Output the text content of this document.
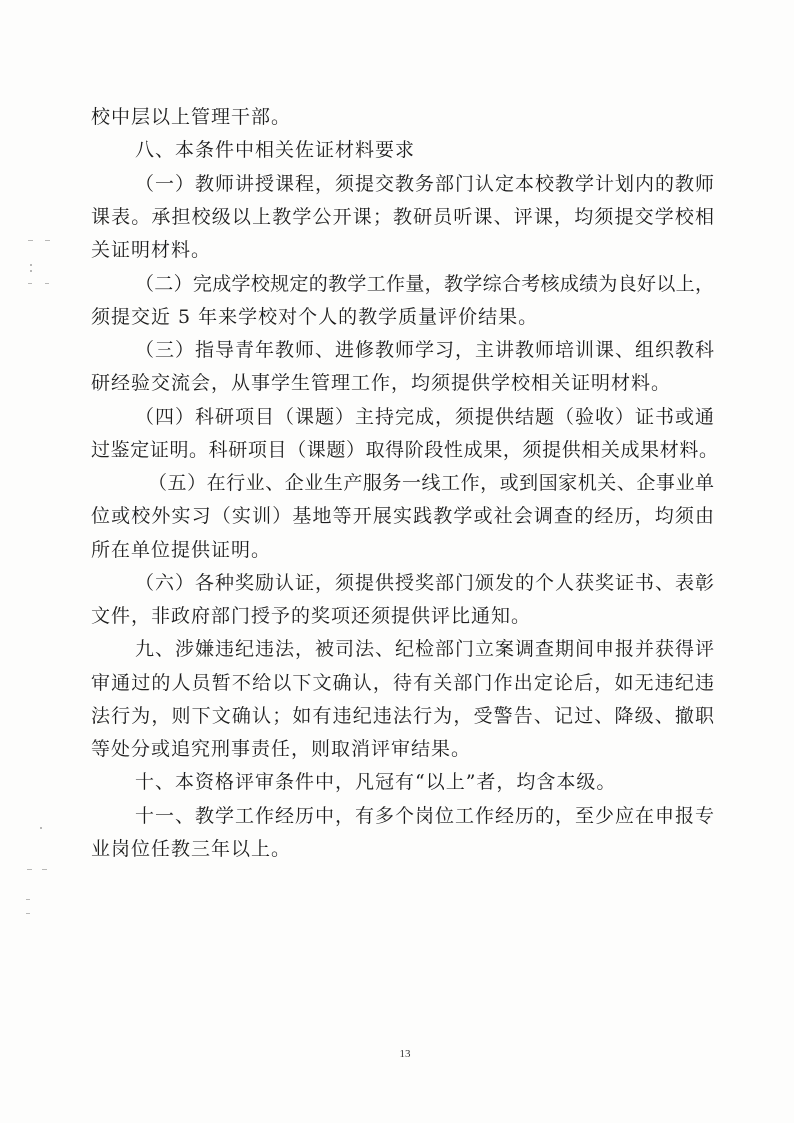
校中层以上管理干部。
八、本条件中相关佐证材料要求
（一）教师讲授课程，须提交教务部门认定本校教学计划内的教师
课表。承担校级以上教学公开课；教研员听课、评课，均须提交学校相
关证明材料。
（二）完成学校规定的教学工作量，教学综合考核成绩为良好以上，
须提交近 5 年来学校对个人的教学质量评价结果。
（三）指导青年教师、进修教师学习，主讲教师培训课、组织教科
研经验交流会，从事学生管理工作，均须提供学校相关证明材料。
（四）科研项目（课题）主持完成，须提供结题（验收）证书或通
过鉴定证明。科研项目（课题）取得阶段性成果，须提供相关成果材料。
（五）在行业、企业生产服务一线工作，或到国家机关、企事业单
位或校外实习（实训）基地等开展实践教学或社会调查的经历，均须由
所在单位提供证明。
（六）各种奖励认证，须提供授奖部门颁发的个人获奖证书、表彰
文件，非政府部门授予的奖项还须提供评比通知。
九、涉嫌违纪违法，被司法、纪检部门立案调查期间申报并获得评
审通过的人员暂不给以下文确认，待有关部门作出定论后，如无违纪违
法行为，则下文确认；如有违纪违法行为，受警告、记过、降级、撤职
等处分或追究刑事责任，则取消评审结果。
十、本资格评审条件中，凡冠有“以上”者，均含本级。
十一、教学工作经历中，有多个岗位工作经历的，至少应在申报专
业岗位任教三年以上。
13
